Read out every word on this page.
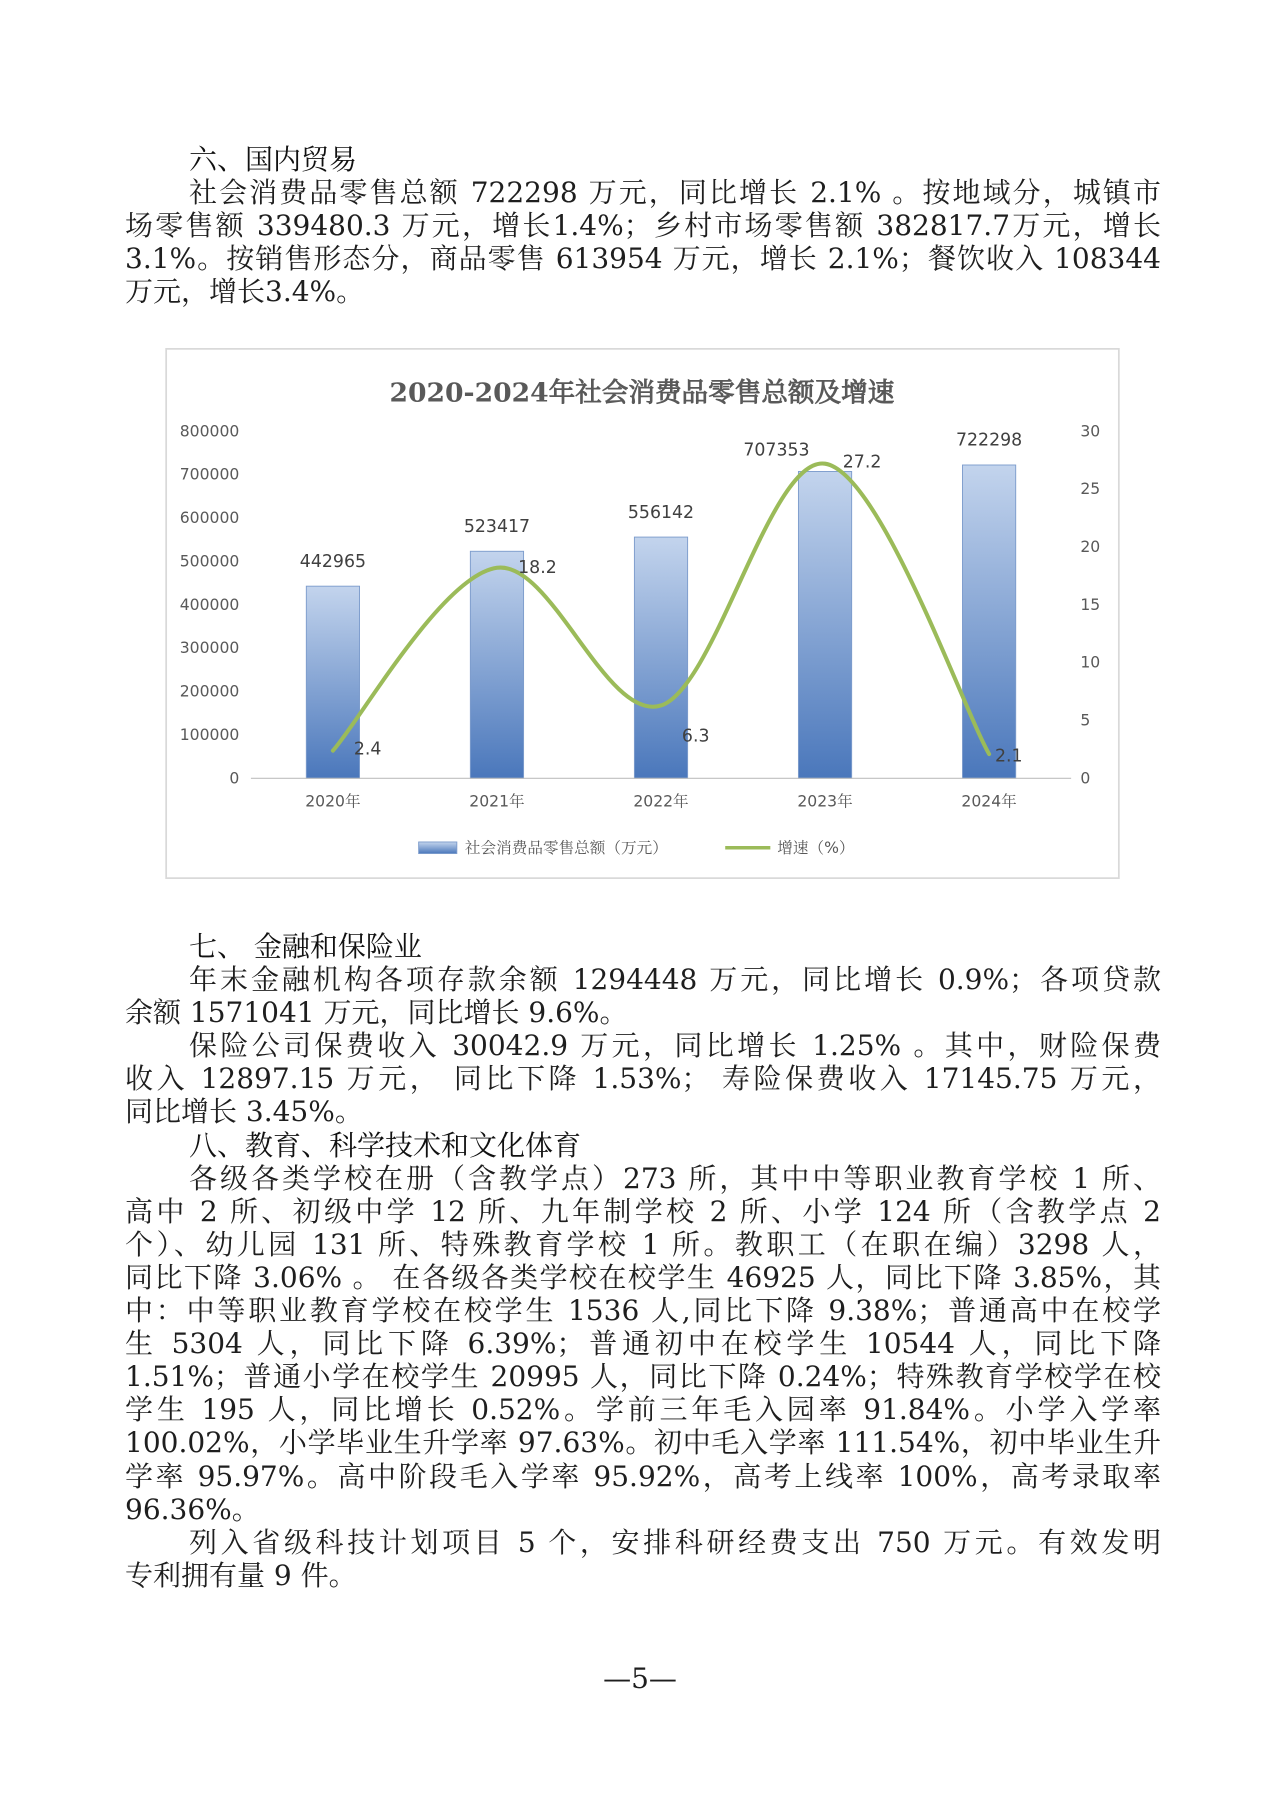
六、国内贸易
社会消费品零售总额 722298 万元，同比增长 2.1% 。按地域分，城镇市
场零售额 339480.3 万元，增长1.4%；乡村市场零售额 382817.7万元，增长
3.1%。按销售形态分，商品零售 613954 万元，增长 2.1%；餐饮收入 108344
万元，增长3.4%。
2020-2024年社会消费品零售总额及增速
0
100000
200000
300000
400000
500000
600000
700000
800000
0
5
10
15
20
25
30
2020年	2021年	2022年	2023年	2024年
442965
523417
556142
707353	722298
2.4
18.2
6.3
27.2
2.1
社会消费品零售总额（万元）	增速（%）
七、 金融和保险业
年末金融机构各项存款余额 1294448 万元，同比增长 0.9%；各项贷款
余额 1571041 万元，同比增长 9.6%。
保险公司保费收入 30042.9 万元，同比增长 1.25% 。其中，财险保费
收入 12897.15 万元， 同比下降 1.53%； 寿险保费收入 17145.75 万元，
同比增长 3.45%。
八、教育、科学技术和文化体育
各级各类学校在册（含教学点）273 所，其中中等职业教育学校 1 所、
高中 2 所、初级中学 12 所、九年制学校 2 所、小学 124 所（含教学点 2
个）、幼儿园 131 所、特殊教育学校 1 所。教职工（在职在编）3298 人，
同比下降 3.06% 。 在各级各类学校在校学生 46925 人，同比下降 3.85%，其
中：中等职业教育学校在校学生 1536 人,同比下降 9.38%；普通高中在校学
生 5304 人，同比下降 6.39%；普通初中在校学生 10544 人，同比下降
1.51%；普通小学在校学生 20995 人，同比下降 0.24%；特殊教育学校学在校
学生 195 人，同比增长 0.52%。学前三年毛入园率 91.84%。小学入学率
100.02%，小学毕业生升学率 97.63%。初中毛入学率 111.54%，初中毕业生升
学率 95.97%。高中阶段毛入学率 95.92%，高考上线率 100%，高考录取率
96.36%。
列入省级科技计划项目 5 个，安排科研经费支出 750 万元。有效发明
专利拥有量 9 件。
—5—
